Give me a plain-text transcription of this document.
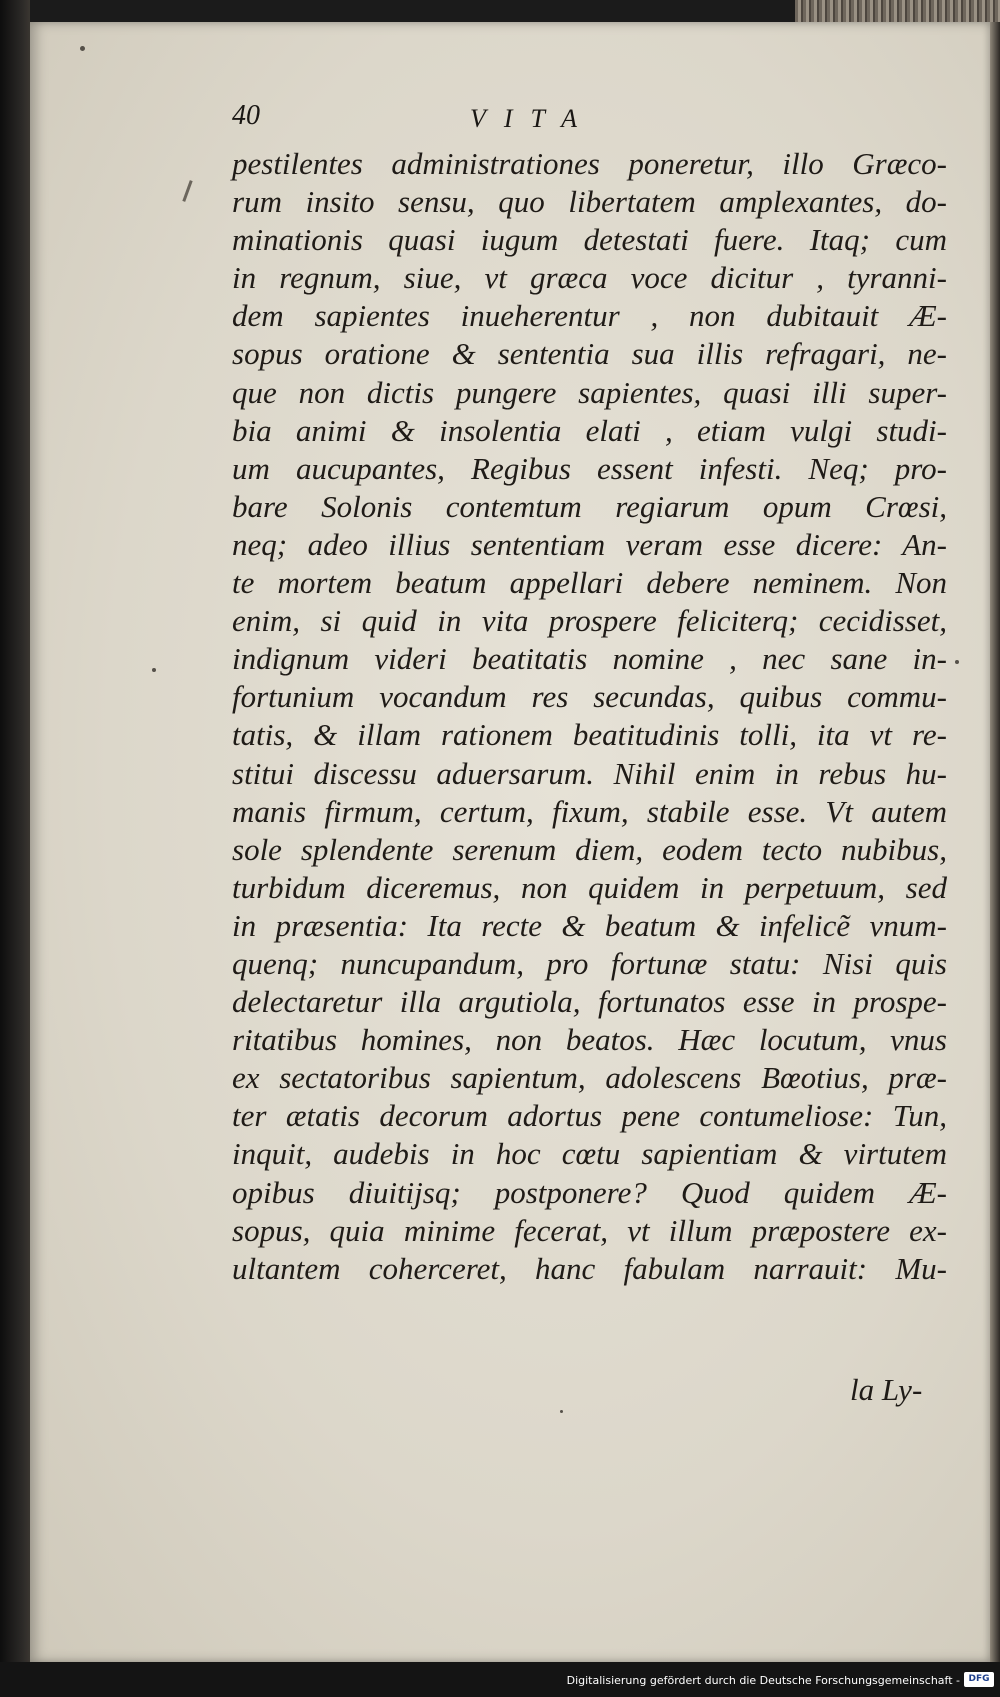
40	VITA
pestilentes administrationes poneretur, illo Græco-
rum insito sensu, quo libertatem amplexantes, do-
minationis quasi iugum detestati fuere. Itaq; cum
in regnum, siue, vt græca voce dicitur , tyranni-
dem sapientes inueherentur , non dubitauit Æ-
sopus oratione & sententia sua illis refragari, ne-
que non dictis pungere sapientes, quasi illi super-
bia animi & insolentia elati , etiam vulgi studi-
um aucupantes, Regibus essent infesti. Neq; pro-
bare Solonis contemtum regiarum opum Crœsi,
neq; adeo illius sententiam veram esse dicere: An-
te mortem beatum appellari debere neminem. Non
enim, si quid in vita prospere feliciterq; cecidisset,
indignum videri beatitatis nomine , nec sane in-
fortunium vocandum res secundas, quibus commu-
tatis, & illam rationem beatitudinis tolli, ita vt re-
stitui discessu aduersarum. Nihil enim in rebus hu-
manis firmum, certum, fixum, stabile esse. Vt autem
sole splendente serenum diem, eodem tecto nubibus,
turbidum diceremus, non quidem in perpetuum, sed
in præsentia: Ita recte & beatum & infelicẽ vnum-
quenq; nuncupandum, pro fortunæ statu: Nisi quis
delectaretur illa argutiola, fortunatos esse in prospe-
ritatibus homines, non beatos. Hæc locutum, vnus
ex sectatoribus sapientum, adolescens Bœotius, præ-
ter ætatis decorum adortus pene contumeliose: Tun,
inquit, audebis in hoc cœtu sapientiam & virtutem
opibus diuitijsq; postponere? Quod quidem Æ-
sopus, quia minime fecerat, vt illum præpostere ex-
ultantem coherceret, hanc fabulam narrauit: Mu-
la Ly-
Digitalisierung gefördert durch die Deutsche Forschungsgemeinschaft - DFG
